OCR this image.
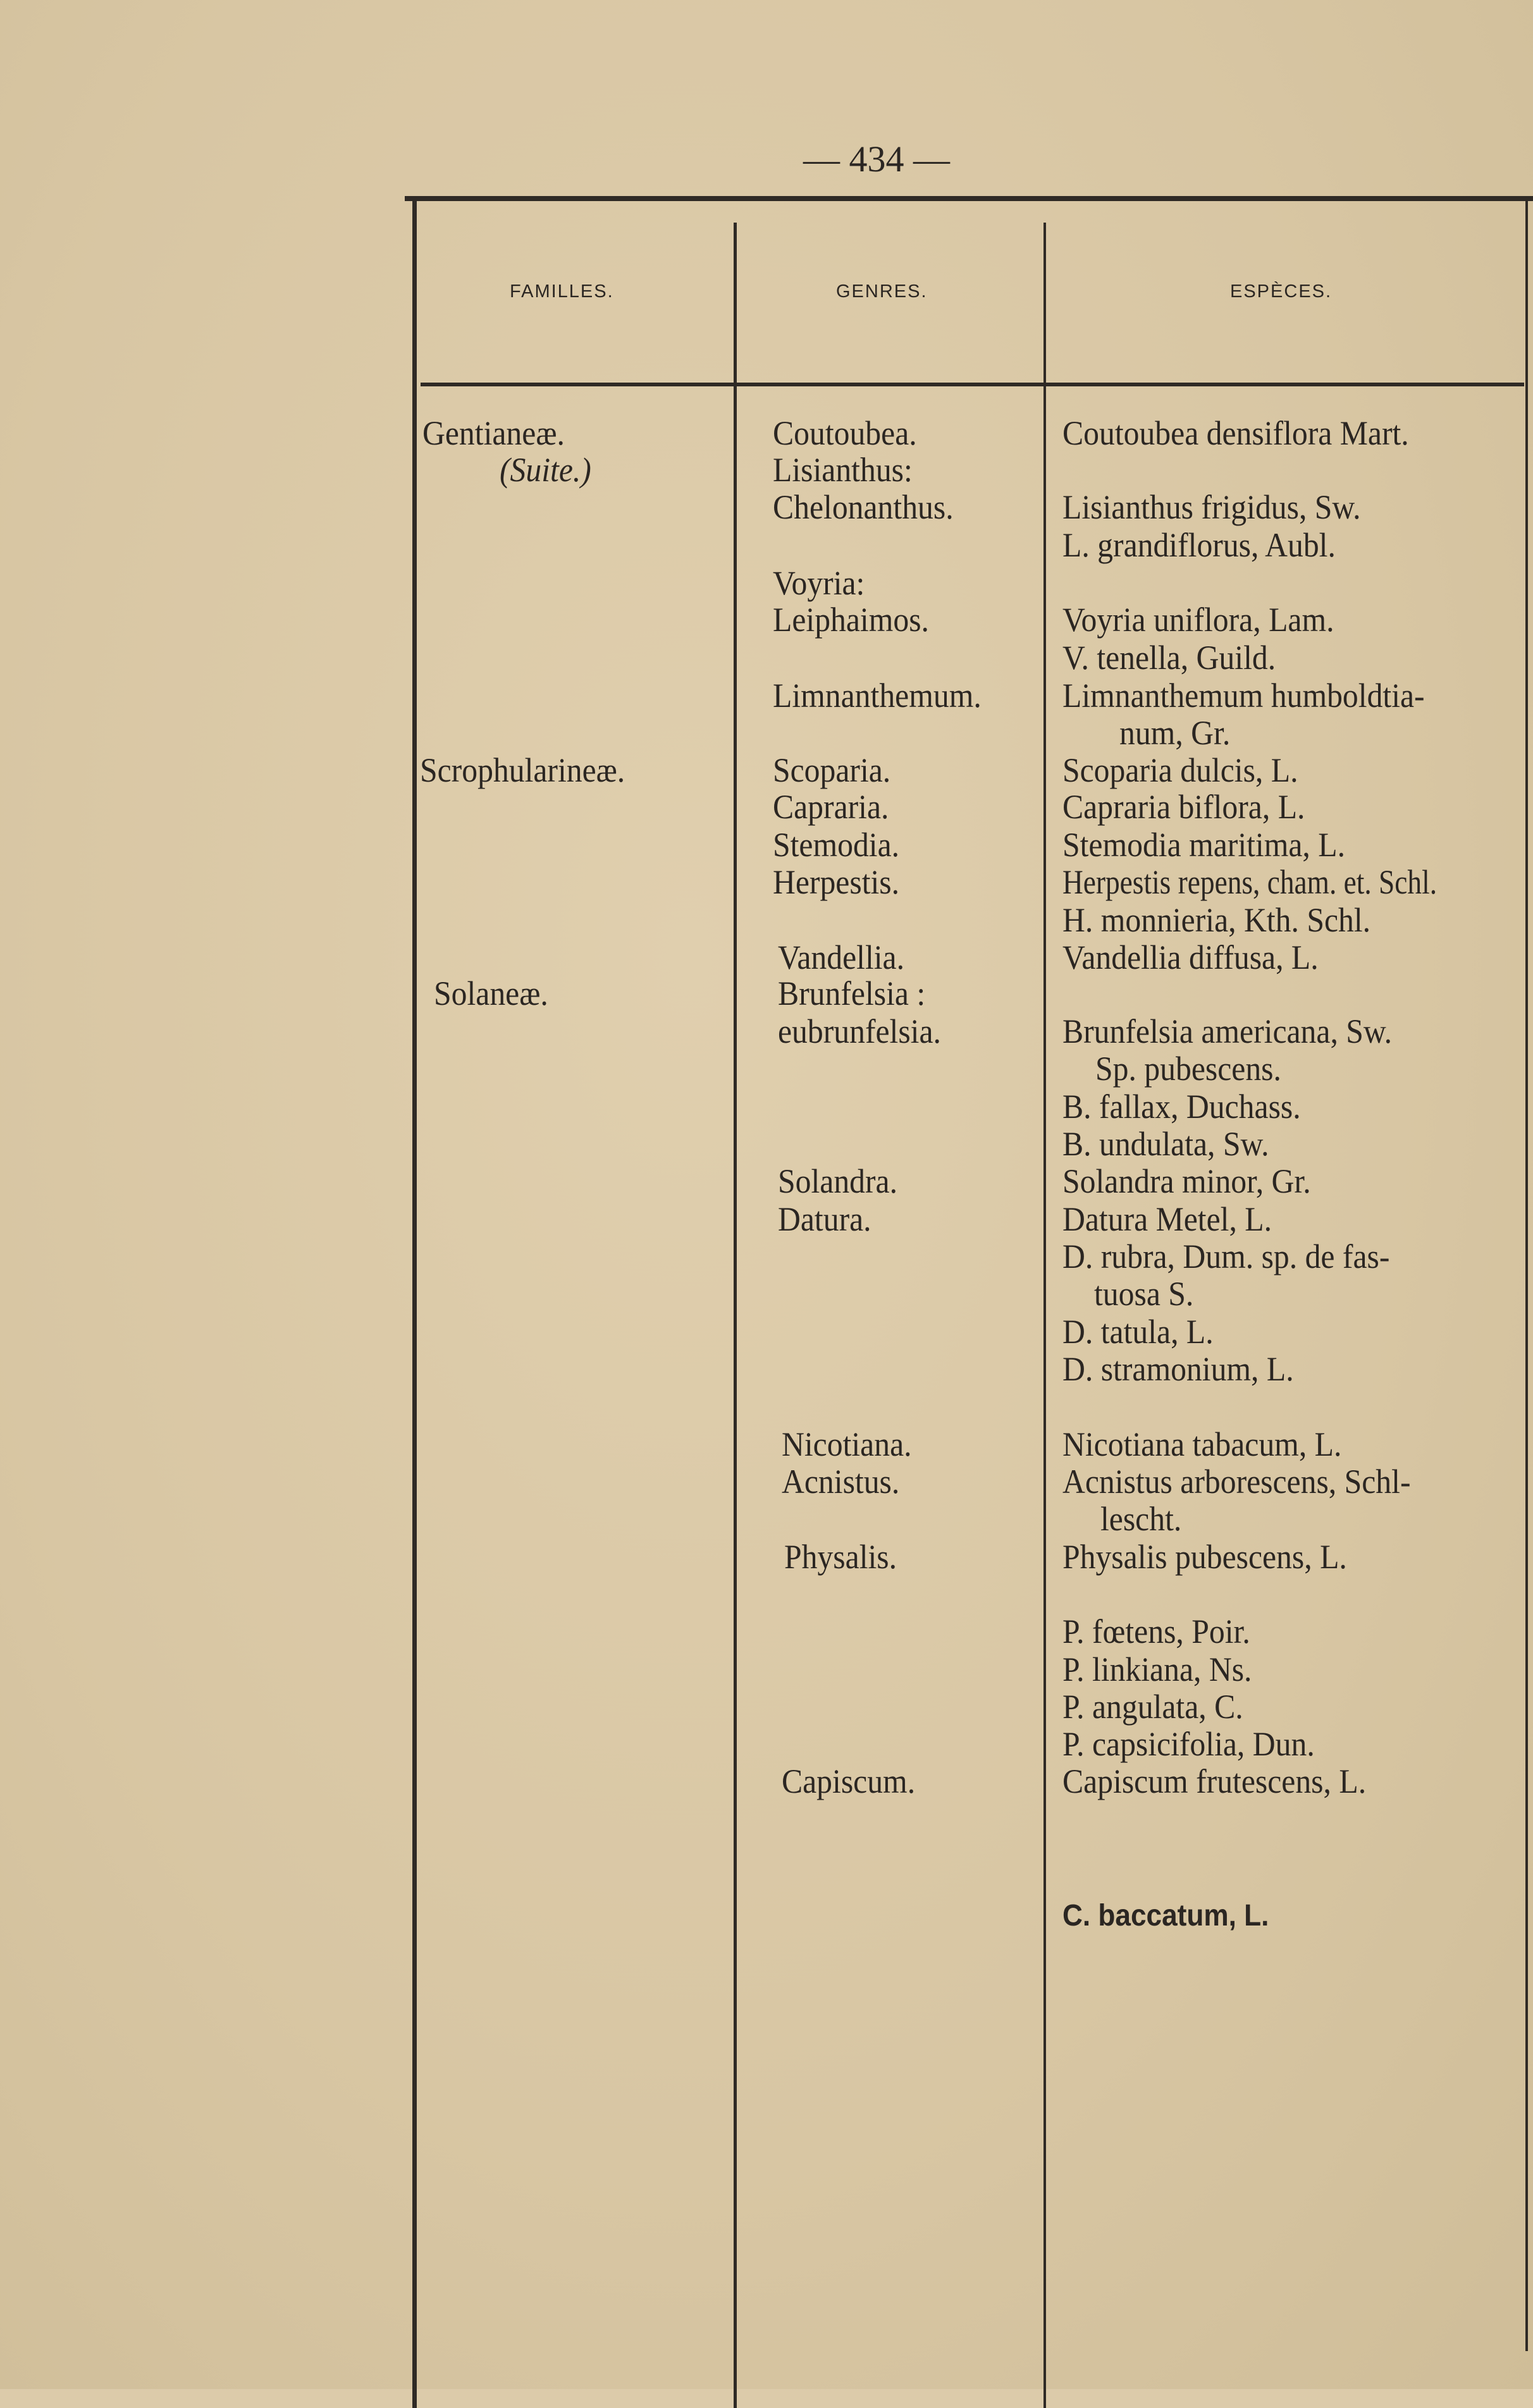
— 434 —
FAMILLES.	GENRES.	ESPÈCES.
Gentianeæ.
(Suite.)
Scrophularineæ.
Solaneæ.
Coutoubea.
Lisianthus:
Chelonanthus.
Voyria:
Leiphaimos.
Limnanthemum.
Scoparia.
Capraria.
Stemodia.
Herpestis.
Vandellia.
Brunfelsia :
eubrunfelsia.
Solandra.
Datura.
Nicotiana.
Acnistus.
Physalis.
Capiscum.
Coutoubea densiflora Mart.
Lisianthus frigidus, Sw.
L. grandiflorus, Aubl.
Voyria uniflora, Lam.
V. tenella, Guild.
Limnanthemum humboldtia-
num, Gr.
Scoparia dulcis, L.
Capraria biflora, L.
Stemodia maritima, L.
Herpestis repens, cham. et. Schl.
H. monnieria, Kth. Schl.
Vandellia diffusa, L.
Brunfelsia americana, Sw.
Sp. pubescens.
B. fallax, Duchass.
B. undulata, Sw.
Solandra minor, Gr.
Datura Metel, L.
D. rubra, Dum. sp. de fas-
tuosa S.
D. tatula, L.
D. stramonium, L.
Nicotiana tabacum, L.
Acnistus arborescens, Schl-
lescht.
Physalis pubescens, L.
P. fœtens, Poir.
P. linkiana, Ns.
P. angulata, C.
P. capsicifolia, Dun.
Capiscum frutescens, L.
C. baccatum, L.
